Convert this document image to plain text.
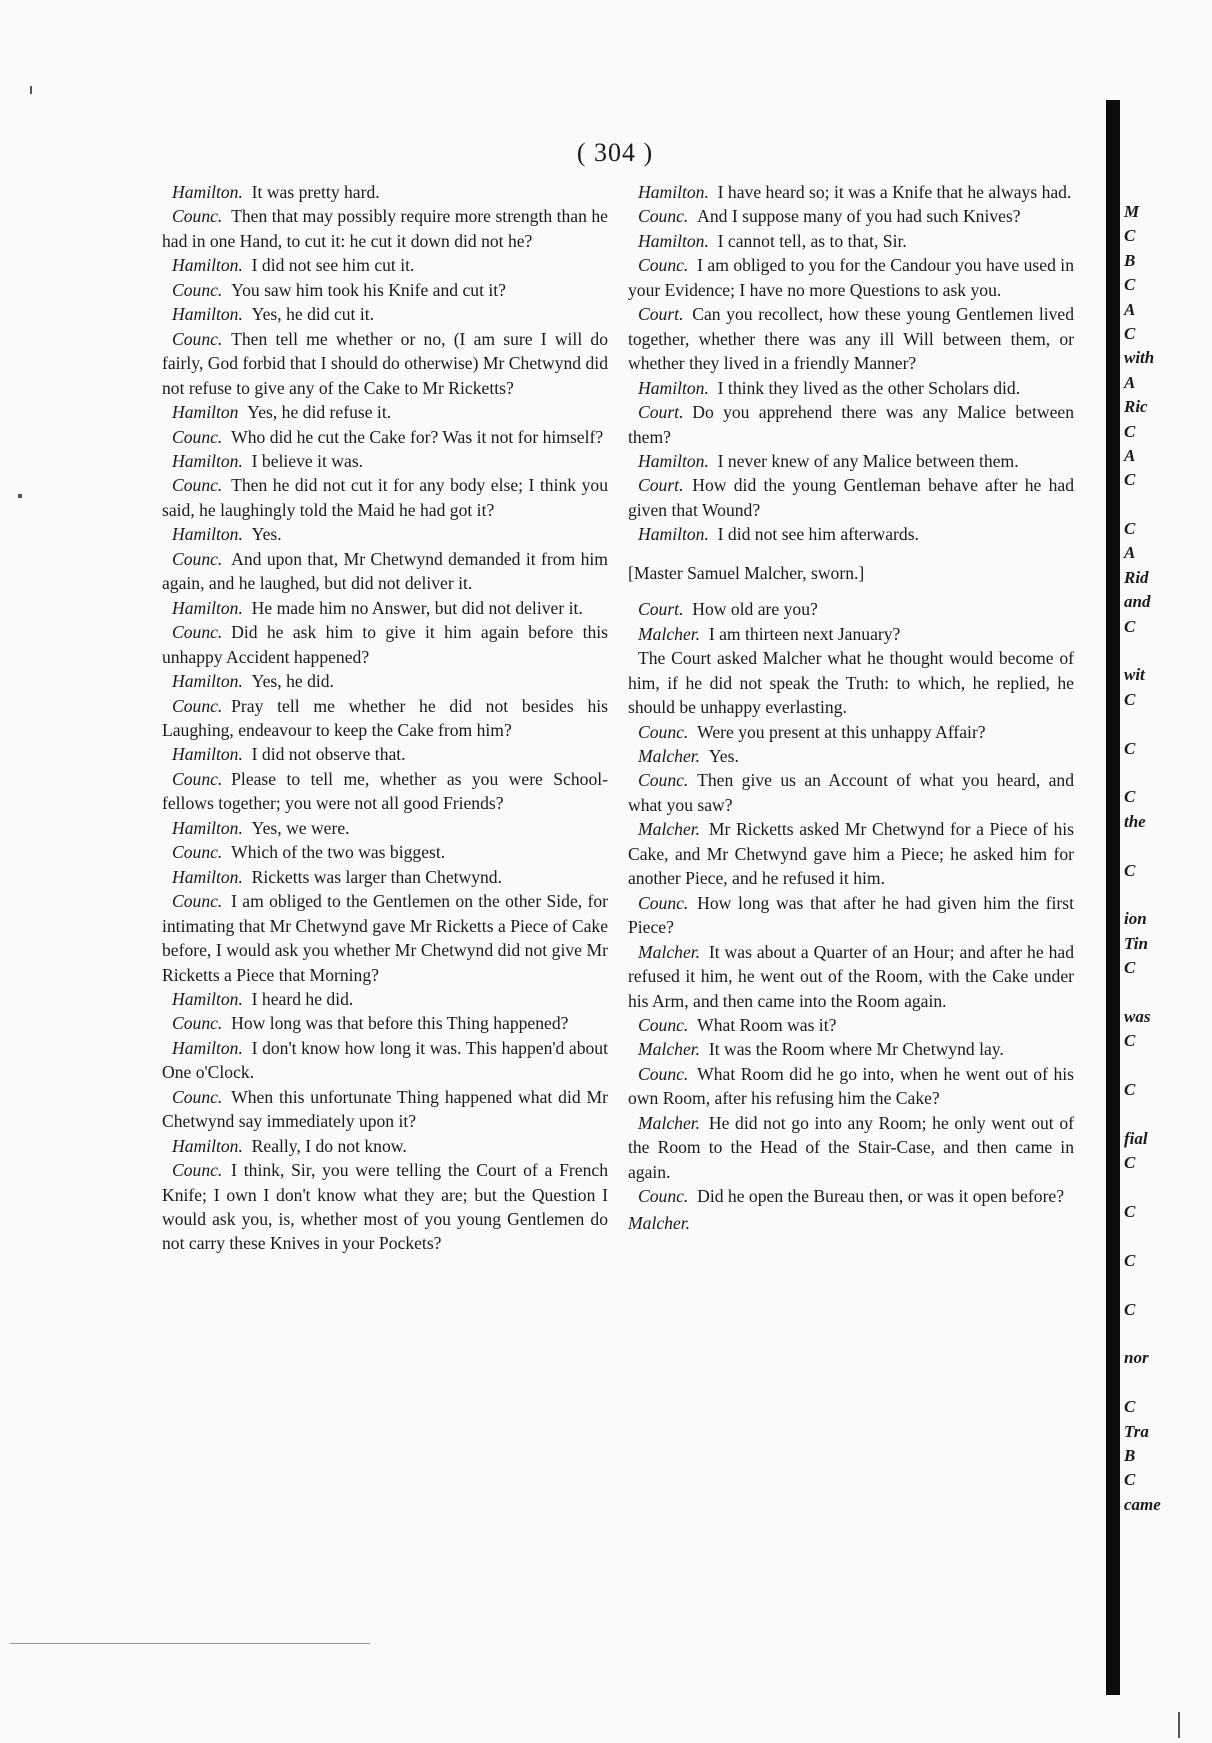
( 304 )

Hamilton.  It was pretty hard.

Counc.  Then that may possibly require more strength than he had in one Hand, to cut it: he cut it down did not he?

Hamilton.  I did not see him cut it.

Counc.  You saw him took his Knife and cut it?

Hamilton.  Yes, he did cut it.

Counc.  Then tell me whether or no, (I am sure I will do fairly, God forbid that I should do otherwise) Mr Chetwynd did not refuse to give any of the Cake to Mr Ricketts?

Hamilton  Yes, he did refuse it.

Counc.  Who did he cut the Cake for? Was it not for himself?

Hamilton.  I believe it was.

Counc.  Then he did not cut it for any body else; I think you said, he laughingly told the Maid he had got it?

Hamilton.  Yes.

Counc.  And upon that, Mr Chetwynd demanded it from him again, and he laughed, but did not deliver it.

Hamilton.  He made him no Answer, but did not deliver it.

Counc.  Did he ask him to give it him again before this unhappy Accident happened?

Hamilton.  Yes, he did.

Counc.  Pray tell me whether he did not besides his Laughing, endeavour to keep the Cake from him?

Hamilton.  I did not observe that.

Counc.  Please to tell me, whether as you were School-fellows together; you were not all good Friends?

Hamilton.  Yes, we were.

Counc.  Which of the two was biggest.

Hamilton.  Ricketts was larger than Chetwynd.

Counc.  I am obliged to the Gentlemen on the other Side, for intimating that Mr Chetwynd gave Mr Ricketts a Piece of Cake before, I would ask you whether Mr Chetwynd did not give Mr Ricketts a Piece that Morning?

Hamilton.  I heard he did.

Counc.  How long was that before this Thing happened?

Hamilton.  I don't know how long it was. This happen'd about One o'Clock.

Counc.  When this unfortunate Thing happened what did Mr Chetwynd say immediately upon it?

Hamilton.  Really, I do not know.

Counc.  I think, Sir, you were telling the Court of a French Knife; I own I don't know what they are; but the Question I would ask you, is, whether most of you young Gentlemen do not carry these Knives in your Pockets?

Hamilton.  I have heard so; it was a Knife that he always had.

Counc.  And I suppose many of you had such Knives?

Hamilton.  I cannot tell, as to that, Sir.

Counc.  I am obliged to you for the Candour you have used in your Evidence; I have no more Questions to ask you.

Court.  Can you recollect, how these young Gentlemen lived together, whether there was any ill Will between them, or whether they lived in a friendly Manner?

Hamilton.  I think they lived as the other Scholars did.

Court.  Do you apprehend there was any Malice between them?

Hamilton.  I never knew of any Malice between them.

Court.  How did the young Gentleman behave after he had given that Wound?

Hamilton.  I did not see him afterwards.

[Master Samuel Malcher, sworn.]

Court.  How old are you?

Malcher.  I am thirteen next January?

The Court asked Malcher what he thought would become of him, if he did not speak the Truth: to which, he replied, he should be unhappy everlasting.

Counc.  Were you present at this unhappy Affair?

Malcher.  Yes.

Counc.  Then give us an Account of what you heard, and what you saw?

Malcher.  Mr Ricketts asked Mr Chetwynd for a Piece of his Cake, and Mr Chetwynd gave him a Piece; he asked him for another Piece, and he refused it him.

Counc.  How long was that after he had given him the first Piece?

Malcher.  It was about a Quarter of an Hour; and after he had refused it him, he went out of the Room, with the Cake under his Arm, and then came into the Room again.

Counc.  What Room was it?

Malcher.  It was the Room where Mr Chetwynd lay.

Counc.  What Room did he go into, when he went out of his own Room, after his refusing him the Cake?

Malcher.  He did not go into any Room; he only went out of the Room to the Head of the Stair-Case, and then came in again.

Counc.  Did he open the Bureau then, or was it open before?

Malcher.

M
C
B
C
A
C
with
A
Ric
C
A
C
C
A
Rid
and
C
wit
C
C
C
the
C
ion
Tin
C
was
C
C
fial
C
C
C
C
nor
C
Tra
B
C
came
